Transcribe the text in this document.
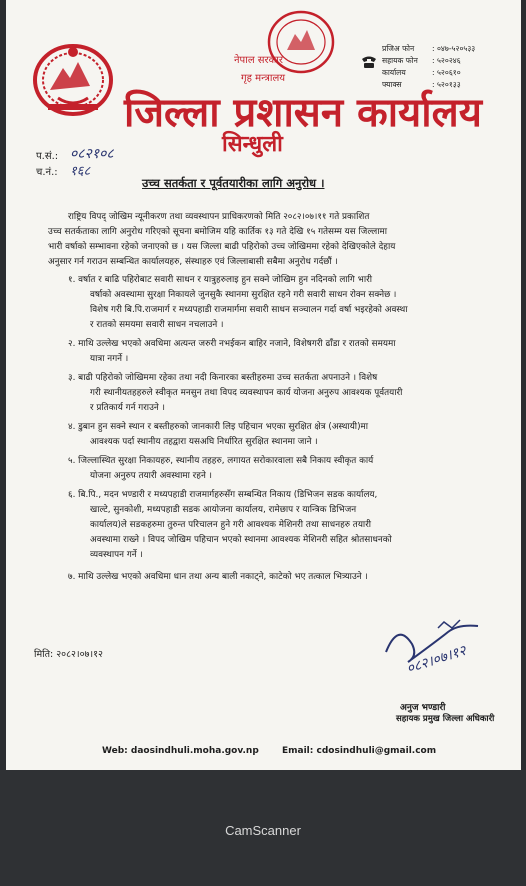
नेपाल सरकार
गृह मन्त्रालय
प्रजिअ फोन : ०४७-५२०५३३
सहायक फोन : ५२०२४६
कार्यालय	: ५२०६१०
फ्याक्स	: ५२०१३३
जिल्ला प्रशासन कार्यालय
सिन्धुली
प.सं.: ०८२१०८
च.नं.: १६८
उच्च सतर्कता र पूर्वतयारीका लागि अनुरोध ।
राष्ट्रिय विपद् जोखिम न्यूनीकरण तथा व्यवस्थापन प्राधिकरणको मिति २०८२।०७।११ गते प्रकाशित
उच्च सतर्कताका लागि अनुरोध गरिएको सूचना बमोजिम यहि कार्तिक १३ गते देखि १५ गतेसम्म यस जिल्लामा
भारी वर्षाको सम्भावना रहेको जनाएको छ । यस जिल्ला बाढी पहिरोको उच्च जोखिममा रहेको देखिएकोले देहाय
अनुसार गर्न गराउन सम्बन्धित कार्यालयहरु, संस्थाहरु एवं जिल्लाबासी सबैमा अनुरोध गर्दछौं ।
१. वर्षात र बाढि पहिरोबाट सवारी साधन र यात्रुहरुलाइ हुन सक्ने जोखिम हुन नदिनको लागि भारी
वर्षाको अवस्थामा सुरक्षा निकायले जुनसुकै स्थानमा सुरक्षित रहने गरी सवारी साधन रोक्न सक्नेछ ।
विशेष गरी बि.पि.राजमार्ग र मध्यपहाडी राजमार्गमा सवारी साधन सञ्चालन गर्दा वर्षा भइरहेको अवस्था
र रातको समयमा सवारी साधन नचलाउने ।
२. माथि उल्लेख भएको अवधिमा अत्यन्त जरुरी नभईकन बाहिर नजाने, विशेषगरी ढाँडा र रातको समयमा
यात्रा नगर्ने ।
३. बाढी पहिरोको जोखिममा रहेका तथा नदी किनारका बस्तीहरुमा उच्च सतर्कता अपनाउने । विशेष
गरी स्थानीयतहहरुले स्वीकृत मनसुन तथा विपद व्यवस्थापन कार्य योजना अनुरुप आवश्यक पूर्वतयारी
र प्रतिकार्य गर्न गराउने ।
४. डुबान हुन सक्ने स्थान र बस्तीहरुको जानकारी लिइ पहिचान भएका सुरक्षित क्षेत्र (अस्थायी)मा
आवश्यक पर्दा स्थानीय तहद्वारा यसअघि निर्धारित सुरक्षित स्थानमा जाने ।
५. जिल्लास्थित सुरक्षा निकायहरु, स्थानीय तहहरु, लगायत सरोकारवाला सबै निकाय स्वीकृत कार्य
योजना अनुरुप तयारी अवस्थामा रहने ।
६. बि.पि., मदन भण्डारी र मध्यपहाडी राजमार्गहरुसँग सम्बन्धित निकाय (डिभिजन सडक कार्यालय,
खाल्टे, सुनकोशी, मध्यपहाडी सडक आयोजना कार्यालय, रामेछाप र यान्त्रिक डिभिजन
कार्यालय)ले सडकहरुमा तुरुन्त परिचालन हुने गरी आवश्यक मेशिनरी तथा साधनहरु तयारी
अवस्थामा राख्ने । विपद जोखिम पहिचान भएको स्थानमा आवश्यक मेशिनरी सहित श्रोतसाधनको
व्यवस्थापन गर्ने ।
७. माथि उल्लेख भएको अवधिमा धान तथा अन्य बाली नकाट्ने, काटेको भए तत्काल भित्र्याउने ।
मिति: २०८२।०७।१२	०८२।०७।१२
अनुज भण्डारी
सहायक प्रमुख जिल्ला अधिकारी
Web: daosindhuli.moha.gov.np	Email: cdosindhuli@gmail.com
CamScanner
